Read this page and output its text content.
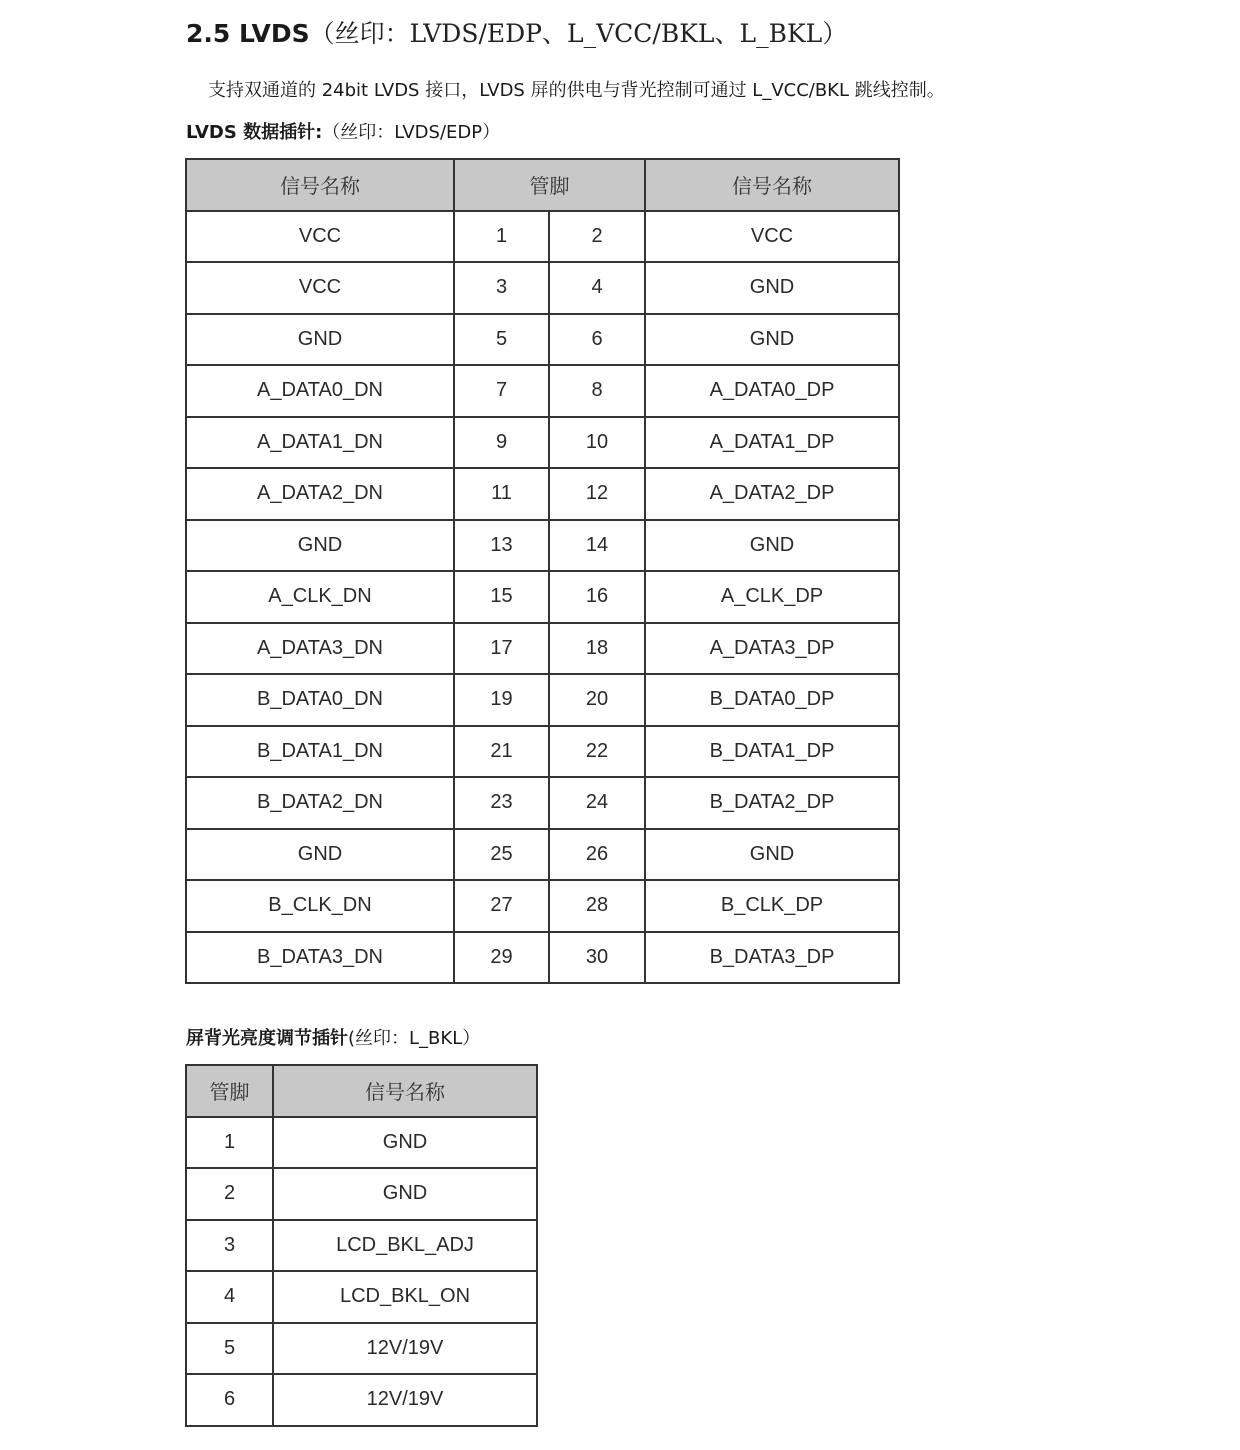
2.5 LVDS（丝印：LVDS/EDP、L_VCC/BKL、L_BKL）
支持双通道的 24bit LVDS 接口，LVDS 屏的供电与背光控制可通过 L_VCC/BKL 跳线控制。
LVDS 数据插针:（丝印：LVDS/EDP）
信号名称	管脚		信号名称
VCC	1	2	VCC
VCC	3	4	GND
GND	5	6	GND
A_DATA0_DN	7	8	A_DATA0_DP
A_DATA1_DN	9	10	A_DATA1_DP
A_DATA2_DN	11	12	A_DATA2_DP
GND	13	14	GND
A_CLK_DN	15	16	A_CLK_DP
A_DATA3_DN	17	18	A_DATA3_DP
B_DATA0_DN	19	20	B_DATA0_DP
B_DATA1_DN	21	22	B_DATA1_DP
B_DATA2_DN	23	24	B_DATA2_DP
GND	25	26	GND
B_CLK_DN	27	28	B_CLK_DP
B_DATA3_DN	29	30	B_DATA3_DP
屏背光亮度调节插针(丝印：L_BKL）
管脚	信号名称
1	GND
2	GND
3	LCD_BKL_ADJ
4	LCD_BKL_ON
5	12V/19V
6	12V/19V
